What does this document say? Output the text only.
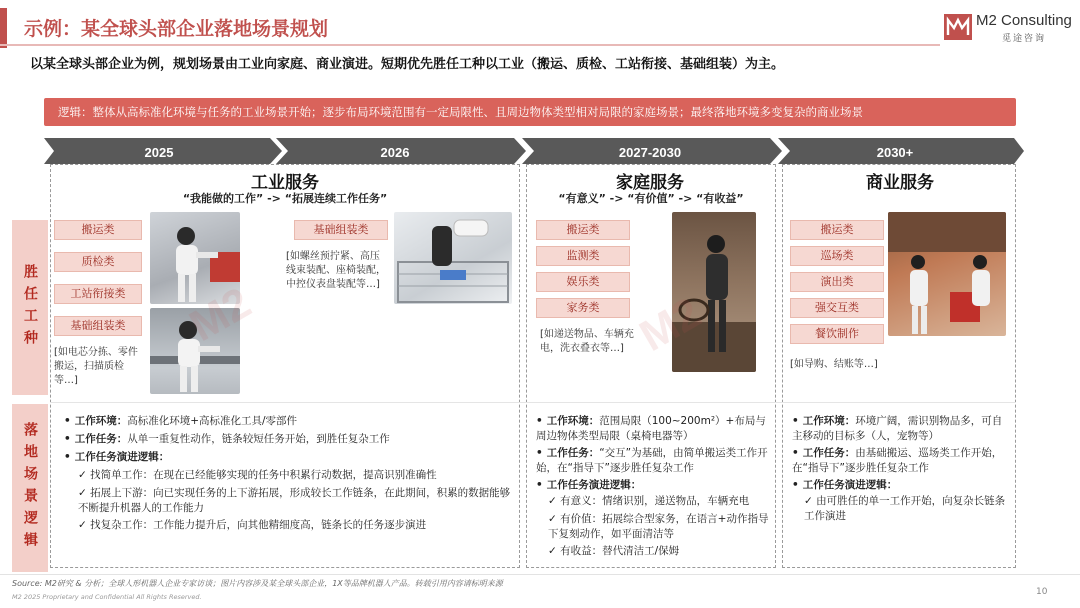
示例：某全球头部企业落地场景规划	M2 Consulting
觅途咨询
以某全球头部企业为例，规划场景由工业向家庭、商业演进。短期优先胜任工种以工业（搬运、质检、工站衔接、基础组装）为主。
逻辑：整体从高标准化环境与任务的工业场景开始；逐步布局环境范围有一定局限性、且周边物体类型相对局限的家庭场景；最终落地环境多变复杂的商业场景
2025	2026	2027-2030	2030+
胜任工种
落地场景逻辑
工业服务
“我能做的工作” -> “拓展连续工作任务”
家庭服务
“有意义” -> “有价值” -> “有收益”
商业服务
搬运类
质检类
工站衔接类
基础组装类
[如电芯分拣、零件搬运，扫描质检等…]
基础组装类
[如螺丝预拧紧、高压线束装配、座椅装配，中控仪表盘装配等…]
搬运类
监测类
娱乐类
家务类
[如递送物品、车辆充电，洗衣叠衣等…]
搬运类
巡场类
演出类
强交互类
餐饮制作
[如导购、结账等…]
• 工作环境：高标准化环境+高标准化工具/零部件
• 工作任务：从单一重复性动作，链条较短任务开始，到胜任复杂工作
• 工作任务演进逻辑：
✓ 找简单工作：在现在已经能够实现的任务中积累行动数据，提高识别准确性
✓ 拓展上下游：向已实现任务的上下游拓展，形成较长工作链条，在此期间，积累的数据能够不断提升机器人的工作能力
✓ 找复杂工作：工作能力提升后，向其他精细度高，链条长的任务逐步演进
• 工作环境：范围局限（100~200m²）+布局与周边物体类型局限（桌椅电器等）
• 工作任务：“交互”为基础，由简单搬运类工作开始，在“指导下”逐步胜任复杂工作
• 工作任务演进逻辑：
✓ 有意义：情绪识别，递送物品，车辆充电
✓ 有价值：拓展综合型家务，在语言+动作指导下复刻动作，如平面清洁等
✓ 有收益：替代清洁工/保姆
• 工作环境：环境广阔，需识别物品多，可自主移动的目标多（人，宠物等）
• 工作任务：由基础搬运、巡场类工作开始，在“指导下”逐步胜任复杂工作
• 工作任务演进逻辑：
✓ 由可胜任的单一工作开始，向复杂长链条工作演进
Source: M2研究 & 分析；全球人形机器人企业专家访谈；图片内容涉及某全球头部企业，1X等品牌机器人产品。转载引用内容请标明来源
M2 2025 Proprietary and Confidential All Rights Reserved.	10
